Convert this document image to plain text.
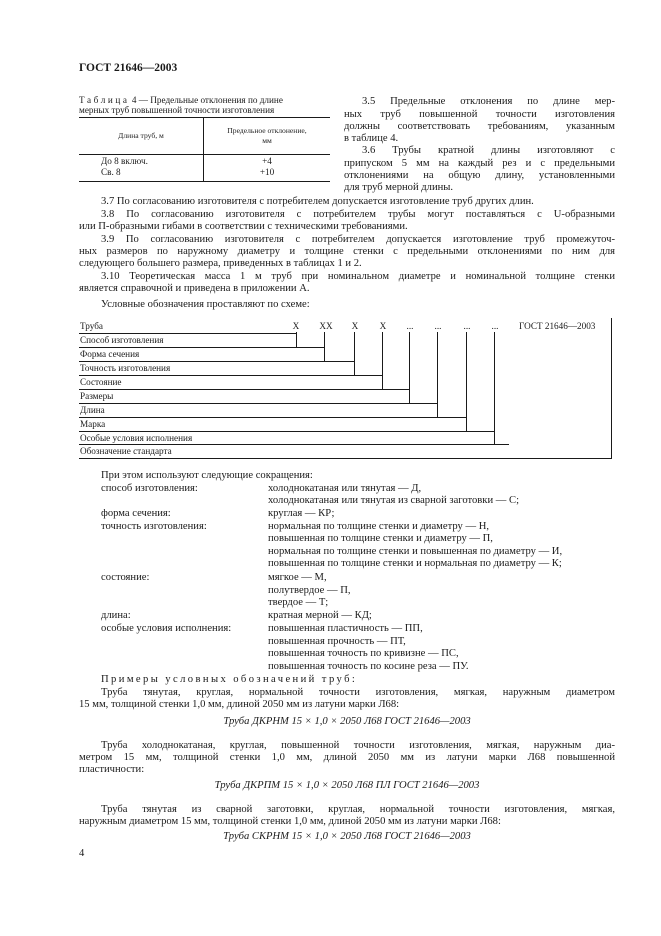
ГОСТ 21646—2003
Таблица 4 — Предельные отклонения по длине
мерных труб повышенной точности изготовления
Длина труб, м
Предельное отклонение,
мм
До 8 включ.	+4
Св. 8	+10
3.5 Предельные отклонения по длине мер-
ных труб повышенной точности изготовления
должны соответствовать требованиям, указанным
в таблице 4.
3.6 Трубы кратной длины изготовляют с
припуском 5 мм на каждый рез и с предельными
отклонениями на общую длину, установленными
для труб мерной длины.
3.7 По согласованию изготовителя с потребителем допускается изготовление труб других длин.
3.8 По согласованию изготовителя с потребителем трубы могут поставляться с U-образными
или П-образными гибами в соответствии с техническими требованиями.
3.9 По согласованию изготовителя с потребителем допускается изготовление труб промежуточ-
ных размеров по наружному диаметру и толщине стенки с предельными отклонениями по ним для
следующего большего размера, приведенных в таблицах 1 и 2.
3.10 Теоретическая масса 1 м труб при номинальном диаметре и номинальной толщине стенки
является справочной и приведена в приложении А.
Условные обозначения проставляют по схеме:
Труба	X	XX	X	X	...	...	...	...	ГОСТ 21646—2003
Способ изготовления
Форма сечения
Точность изготовления
Состояние
Размеры
Длина
Марка
Особые условия исполнения
Обозначение стандарта
При этом используют следующие сокращения:
способ изготовления:	холоднокатаная или тянутая — Д,
холоднокатаная или тянутая из сварной заготовки — С;
форма сечения:	круглая — КР;
точность изготовления:	нормальная по толщине стенки и диаметру — Н,
повышенная по толщине стенки и диаметру — П,
нормальная по толщине стенки и повышенная по диаметру — И,
повышенная по толщине стенки и нормальная по диаметру — К;
состояние:	мягкое — М,
полутвердое — П,
твердое — Т;
длина:	кратная мерной — КД;
особые условия исполнения:	повышенная пластичность — ПП,
повышенная прочность — ПТ,
повышенная точность по кривизне — ПС,
повышенная точность по косине реза — ПУ.
Примеры условных обозначений труб:
Труба тянутая, круглая, нормальной точности изготовления, мягкая, наружным диаметром
15 мм, толщиной стенки 1,0 мм, длиной 2050 мм из латуни марки Л68:
Труба ДКРНМ 15 × 1,0 × 2050 Л68 ГОСТ 21646—2003
Труба холоднокатаная, круглая, повышенной точности изготовления, мягкая, наружным диа-
метром 15 мм, толщиной стенки 1,0 мм, длиной 2050 мм из латуни марки Л68 повышенной
пластичности:
Труба ДКРПМ 15 × 1,0 × 2050 Л68 ПЛ ГОСТ 21646—2003
Труба тянутая из сварной заготовки, круглая, нормальной точности изготовления, мягкая,
наружным диаметром 15 мм, толщиной стенки 1,0 мм, длиной 2050 мм из латуни марки Л68:
Труба СКРНМ 15 × 1,0 × 2050 Л68 ГОСТ 21646—2003
4
